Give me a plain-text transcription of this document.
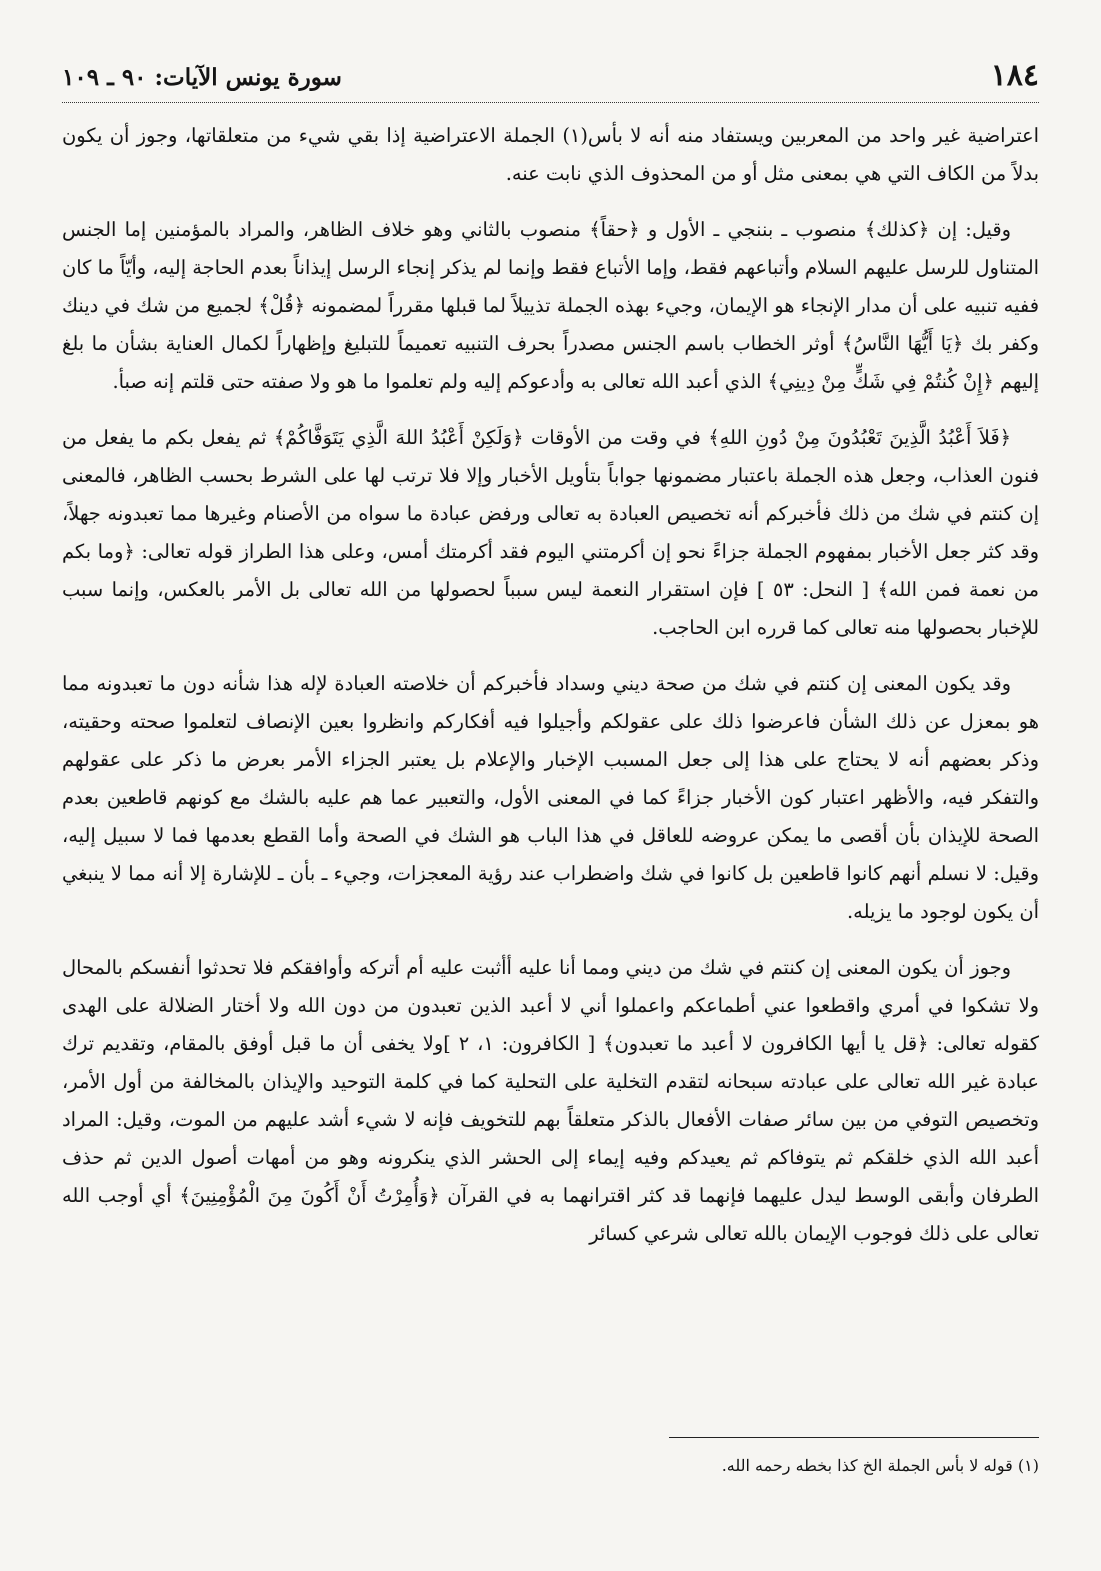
١٨٤
سورة يونس الآيات: ٩٠ ـ ١٠٩

اعتراضية غير واحد من المعربين ويستفاد منه أنه لا بأس(١) الجملة الاعتراضية إذا بقي شيء من متعلقاتها، وجوز أن يكون بدلاً من الكاف التي هي بمعنى مثل أو من المحذوف الذي نابت عنه.

وقيل: إن ﴿كذلك﴾ منصوب ـ بننجي ـ الأول و ﴿حقاً﴾ منصوب بالثاني وهو خلاف الظاهر، والمراد بالمؤمنين إما الجنس المتناول للرسل عليهم السلام وأتباعهم فقط، وإما الأتباع فقط وإنما لم يذكر إنجاء الرسل إيذاناً بعدم الحاجة إليه، وأيّاً ما كان ففيه تنبيه على أن مدار الإنجاء هو الإيمان، وجيء بهذه الجملة تذييلاً لما قبلها مقرراً لمضمونه ﴿قُلْ﴾ لجميع من شك في دينك وكفر بك ﴿يَا أَيُّهَا النَّاسُ﴾ أوثر الخطاب باسم الجنس مصدراً بحرف التنبيه تعميماً للتبليغ وإظهاراً لكمال العناية بشأن ما بلغ إليهم ﴿إِنْ كُنتُمْ فِي شَكٍّ مِنْ دِينِي﴾ الذي أعبد الله تعالى به وأدعوكم إليه ولم تعلموا ما هو ولا صفته حتى قلتم إنه صبأ.

﴿فَلاَ أَعْبُدُ الَّذِينَ تَعْبُدُونَ مِنْ دُونِ اللهِ﴾ في وقت من الأوقات ﴿وَلَكِنْ أَعْبُدُ اللهَ الَّذِي يَتَوَفَّاكُمْ﴾ ثم يفعل بكم ما يفعل من فنون العذاب، وجعل هذه الجملة باعتبار مضمونها جواباً بتأويل الأخبار وإلا فلا ترتب لها على الشرط بحسب الظاهر، فالمعنى إن كنتم في شك من ذلك فأخبركم أنه تخصيص العبادة به تعالى ورفض عبادة ما سواه من الأصنام وغيرها مما تعبدونه جهلاً، وقد كثر جعل الأخبار بمفهوم الجملة جزاءً نحو إن أكرمتني اليوم فقد أكرمتك أمس، وعلى هذا الطراز قوله تعالى: ﴿وما بكم من نعمة فمن الله﴾ [ النحل: ٥٣ ] فإن استقرار النعمة ليس سبباً لحصولها من الله تعالى بل الأمر بالعكس، وإنما سبب للإخبار بحصولها منه تعالى كما قرره ابن الحاجب.

وقد يكون المعنى إن كنتم في شك من صحة ديني وسداد فأخبركم أن خلاصته العبادة لإله هذا شأنه دون ما تعبدونه مما هو بمعزل عن ذلك الشأن فاعرضوا ذلك على عقولكم وأجيلوا فيه أفكاركم وانظروا بعين الإنصاف لتعلموا صحته وحقيته، وذكر بعضهم أنه لا يحتاج على هذا إلى جعل المسبب الإخبار والإعلام بل يعتبر الجزاء الأمر بعرض ما ذكر على عقولهم والتفكر فيه، والأظهر اعتبار كون الأخبار جزاءً كما في المعنى الأول، والتعبير عما هم عليه بالشك مع كونهم قاطعين بعدم الصحة للإيذان بأن أقصى ما يمكن عروضه للعاقل في هذا الباب هو الشك في الصحة وأما القطع بعدمها فما لا سبيل إليه، وقيل: لا نسلم أنهم كانوا قاطعين بل كانوا في شك واضطراب عند رؤية المعجزات، وجيء ـ بأن ـ للإشارة إلا أنه مما لا ينبغي أن يكون لوجود ما يزيله.

وجوز أن يكون المعنى إن كنتم في شك من ديني ومما أنا عليه أأثبت عليه أم أتركه وأوافقكم فلا تحدثوا أنفسكم بالمحال ولا تشكوا في أمري واقطعوا عني أطماعكم واعملوا أني لا أعبد الذين تعبدون من دون الله ولا أختار الضلالة على الهدى كقوله تعالى: ﴿قل يا أيها الكافرون لا أعبد ما تعبدون﴾ [ الكافرون: ١، ٢ ]ولا يخفى أن ما قبل أوفق بالمقام، وتقديم ترك عبادة غير الله تعالى على عبادته سبحانه لتقدم التخلية على التحلية كما في كلمة التوحيد والإيذان بالمخالفة من أول الأمر، وتخصيص التوفي من بين سائر صفات الأفعال بالذكر متعلقاً بهم للتخويف فإنه لا شيء أشد عليهم من الموت، وقيل: المراد أعبد الله الذي خلقكم ثم يتوفاكم ثم يعيدكم وفيه إيماء إلى الحشر الذي ينكرونه وهو من أمهات أصول الدين ثم حذف الطرفان وأبقى الوسط ليدل عليهما فإنهما قد كثر اقترانهما به في القرآن ﴿وَأُمِرْتُ أَنْ أَكُونَ مِنَ الْمُؤْمِنِينَ﴾ أي أوجب الله تعالى على ذلك فوجوب الإيمان بالله تعالى شرعي كسائر

(١) قوله لا بأس الجملة الخ كذا بخطه رحمه الله.
